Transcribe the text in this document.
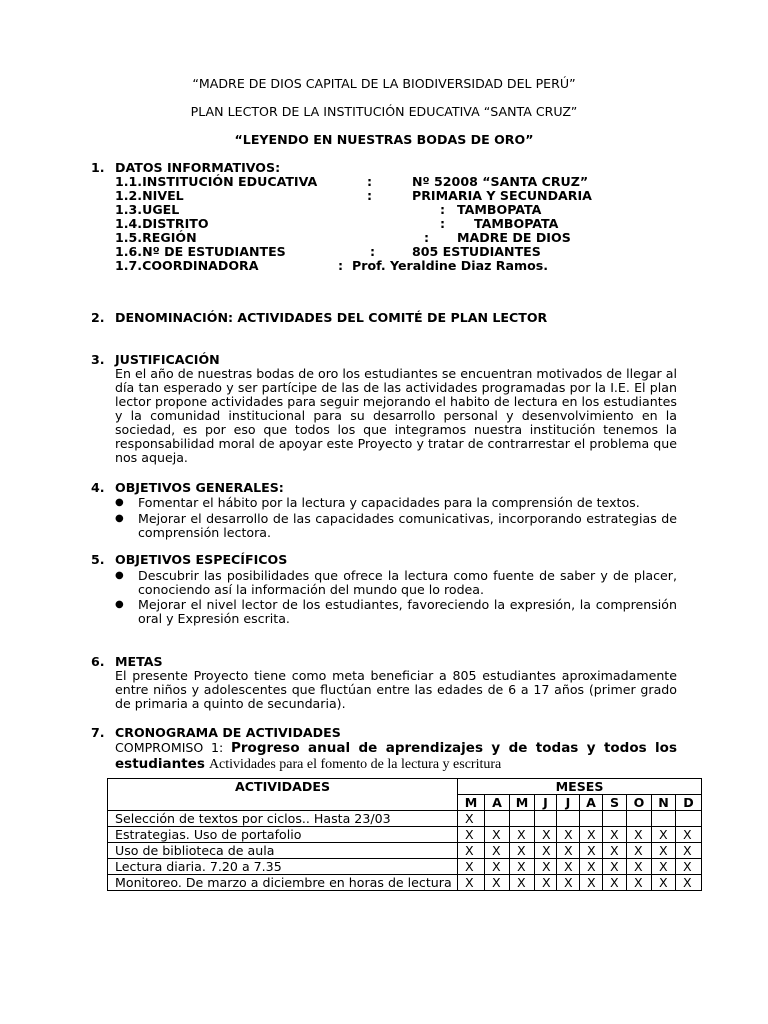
“MADRE DE DIOS CAPITAL DE LA BIODIVERSIDAD DEL PERÚ”
PLAN LECTOR DE LA INSTITUCIÓN EDUCATIVA “SANTA CRUZ”
“LEYENDO EN NUESTRAS BODAS DE ORO”
1. DATOS INFORMATIVOS:
1.1.INSTITUCIÓN EDUCATIVA	:	Nº 52008 “SANTA CRUZ”
1.2.NIVEL	:	PRIMARIA Y SECUNDARIA
1.3.UGEL	: TAMBOPATA
1.4.DISTRITO	: TAMBOPATA
1.5.REGIÓN	: MADRE DE DIOS
1.6.Nº DE ESTUDIANTES	:	805 ESTUDIANTES
1.7.COORDINADORA	: Prof. Yeraldine Diaz Ramos.
2. DENOMINACIÓN: ACTIVIDADES DEL COMITÉ DE PLAN LECTOR
3. JUSTIFICACIÓN
En el año de nuestras bodas de oro los estudiantes se encuentran motivados de llegar al día tan esperado y ser partícipe de las de las actividades programadas por la I.E. El plan lector propone actividades para seguir mejorando el habito de lectura en los estudiantes y la comunidad institucional para su desarrollo personal y desenvolvimiento en la sociedad, es por eso que todos los que integramos nuestra institución tenemos la responsabilidad moral de apoyar este Proyecto y tratar de contrarrestar el problema que nos aqueja.
4. OBJETIVOS GENERALES:
● Fomentar el hábito por la lectura y capacidades para la comprensión de textos.
● Mejorar el desarrollo de las capacidades comunicativas, incorporando estrategias de comprensión lectora.
5. OBJETIVOS ESPECÍFICOS
● Descubrir las posibilidades que ofrece la lectura como fuente de saber y de placer, conociendo así la información del mundo que lo rodea.
● Mejorar el nivel lector de los estudiantes, favoreciendo la expresión, la comprensión oral y Expresión escrita.
6. METAS
El presente Proyecto tiene como meta beneficiar a 805 estudiantes aproximadamente entre niños y adolescentes que fluctúan entre las edades de 6 a 17 años (primer grado de primaria a quinto de secundaria).
7. CRONOGRAMA DE ACTIVIDADES
COMPROMISO 1: Progreso anual de aprendizajes y de todas y todos los estudiantes Actividades para el fomento de la lectura y escritura
ACTIVIDADES	MESES									
	M	A	M	J	J	A	S	O	N	D
Selección de textos por ciclos.. Hasta 23/03	X									
Estrategias. Uso de portafolio	X	X	X	X	X	X	X	X	X	X
Uso de biblioteca de aula	X	X	X	X	X	X	X	X	X	X
Lectura diaria. 7.20 a 7.35	X	X	X	X	X	X	X	X	X	X
Monitoreo. De marzo a diciembre en horas de lectura	X	X	X	X	X	X	X	X	X	X
